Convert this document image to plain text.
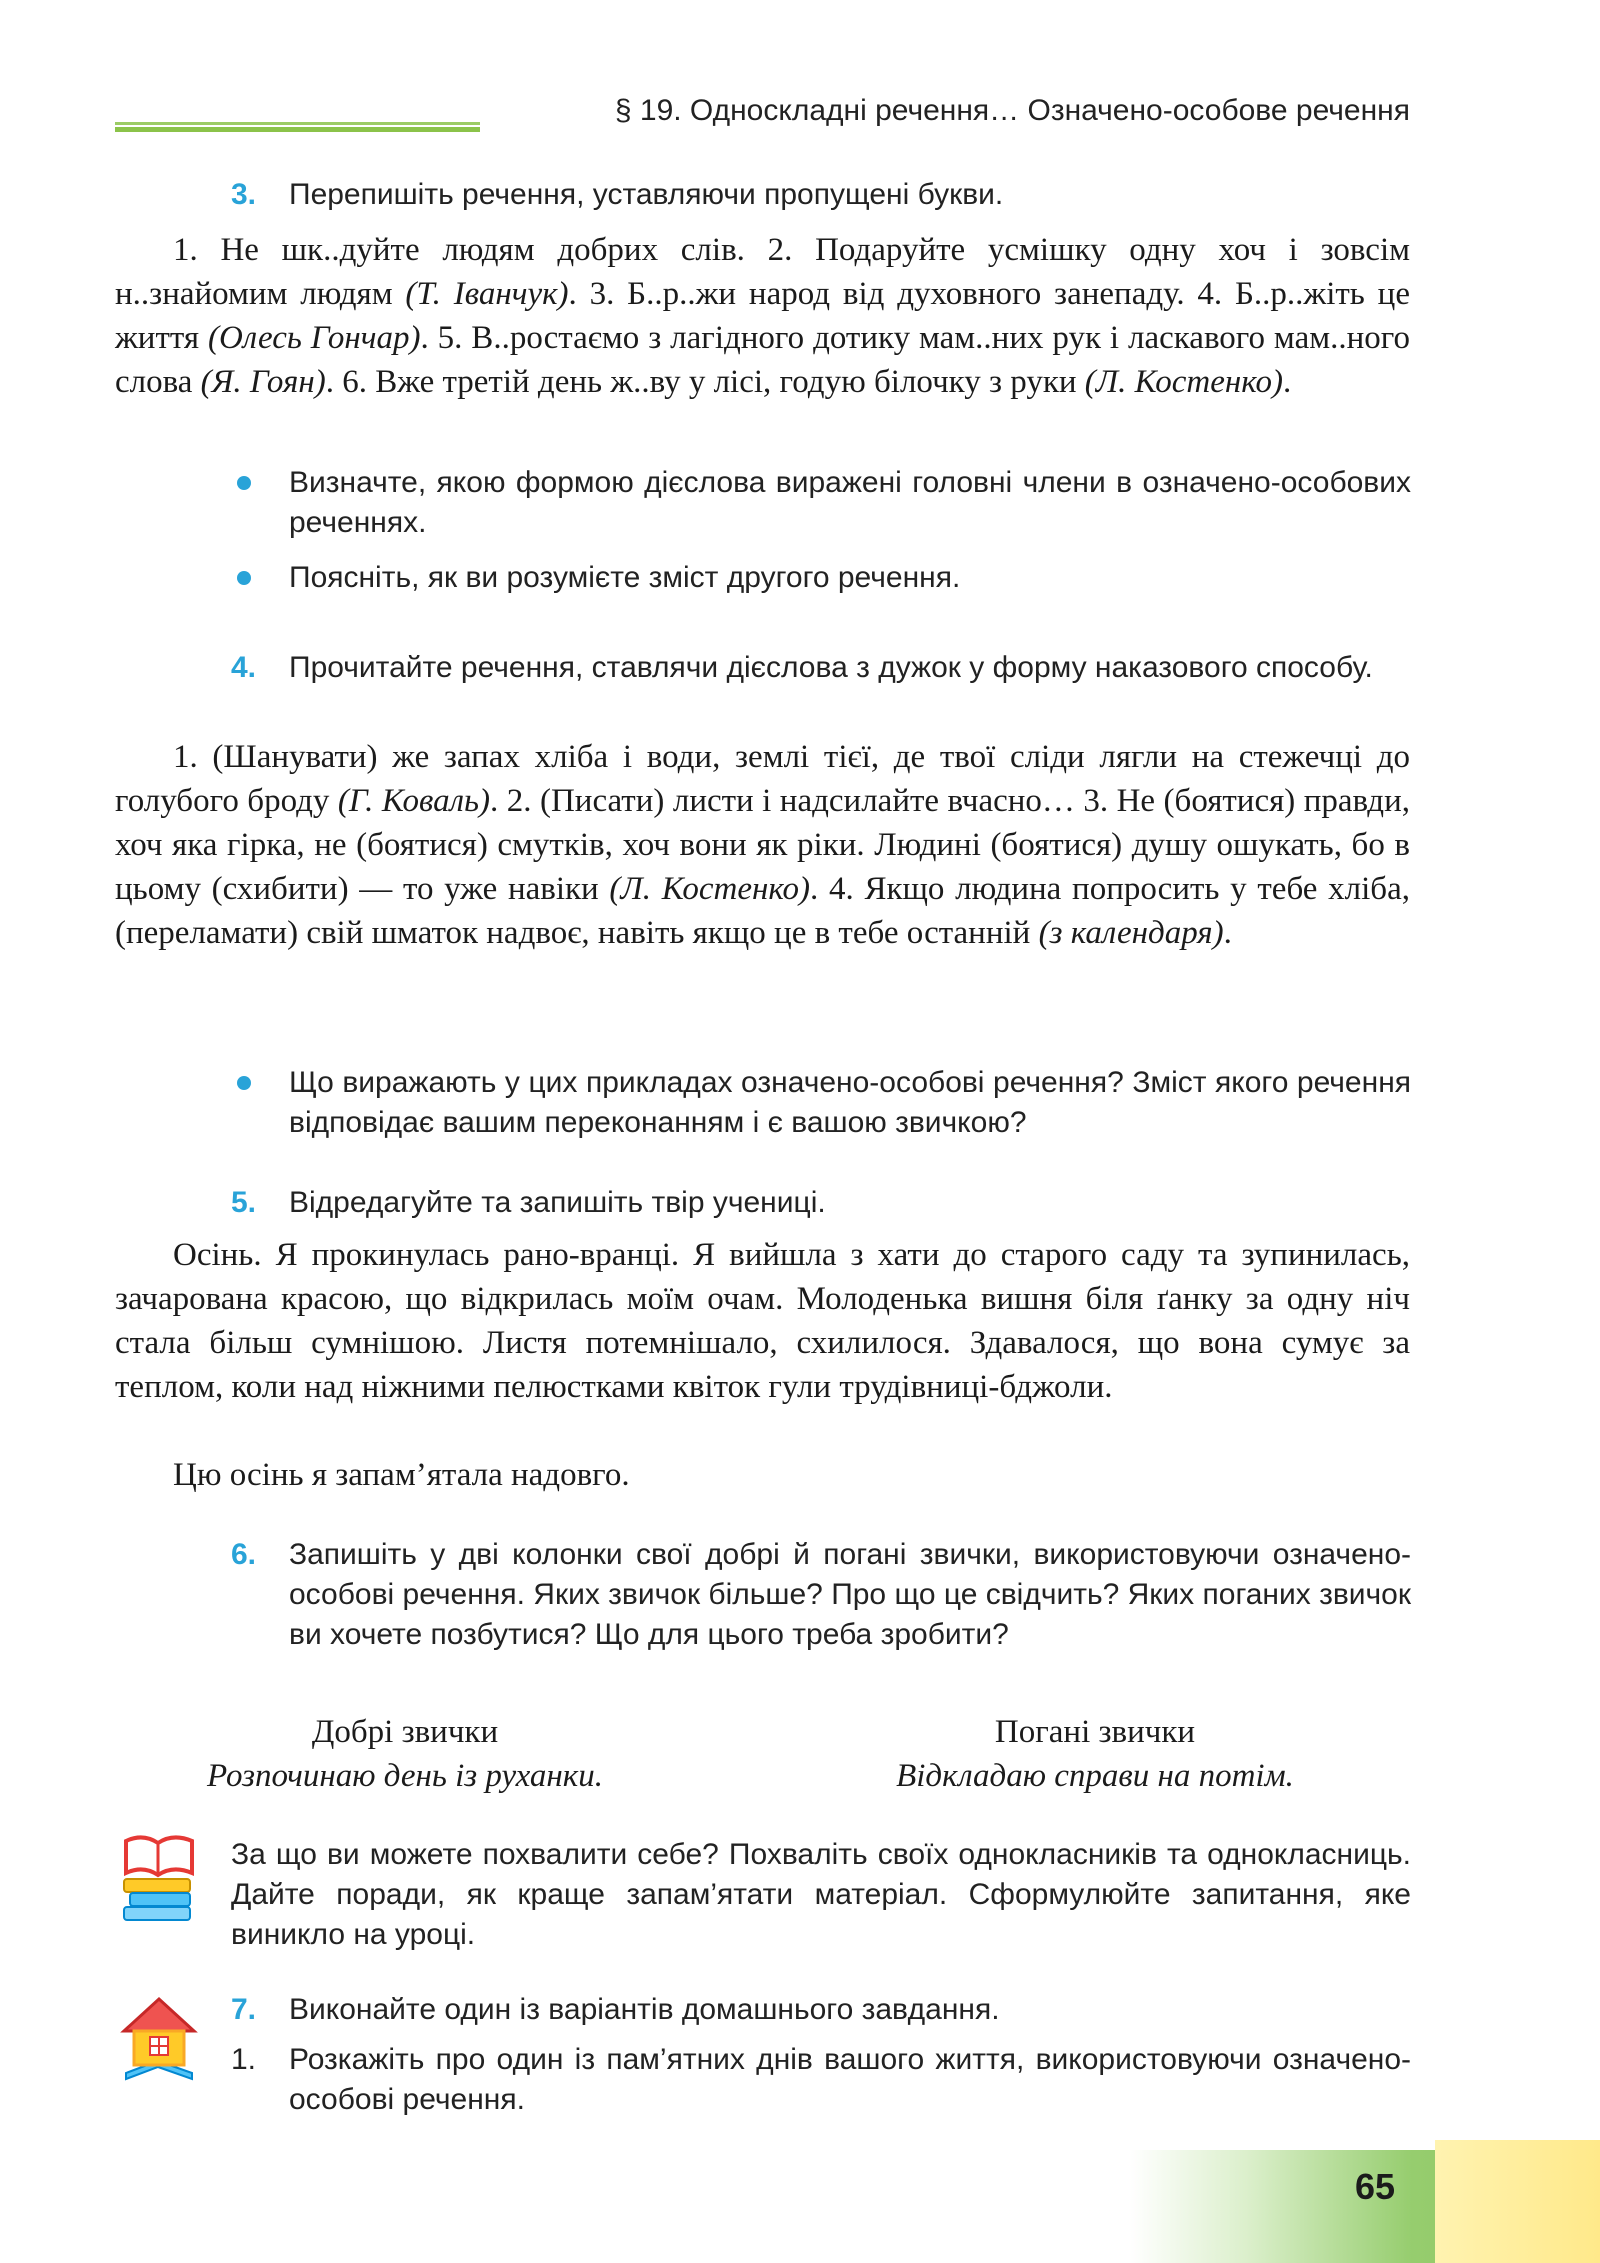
§ 19. Односкладні речення… Означено-особове речення
3. Перепишіть речення, уставляючи пропущені букви.
1. Не шк..дуйте людям добрих слів. 2. Подаруйте усмішку одну хоч і зовсім н..знайомим людям (Т. Іванчук). 3. Б..р..жи народ від духовного занепаду. 4. Б..р..жіть це життя (Олесь Гончар). 5. В..ростаємо з лагідного дотику мам..них рук і ласкавого мам..ного слова (Я. Гоян). 6. Вже третій день ж..ву у лісі, годую білочку з руки (Л. Костенко).
Визначте, якою формою дієслова виражені головні члени в означено-особових реченнях.
Поясніть, як ви розумієте зміст другого речення.
4. Прочитайте речення, ставлячи дієслова з дужок у форму наказового способу.
1. (Шанувати) же запах хліба і води, землі тієї, де твої сліди лягли на стежечці до голубого броду (Г. Коваль). 2. (Писати) листи і надсилайте вчасно… 3. Не (боятися) правди, хоч яка гірка, не (боятися) смутків, хоч вони як ріки. Людині (боятися) душу ошукать, бо в цьому (схибити) — то уже навіки (Л. Костенко). 4. Якщо людина попросить у тебе хліба, (переламати) свій шматок надвоє, навіть якщо це в тебе останній (з календаря).
Що виражають у цих прикладах означено-особові речення? Зміст якого речення відповідає вашим переконанням і є вашою звичкою?
5. Відредагуйте та запишіть твір учениці.
Осінь. Я прокинулась рано-вранці. Я вийшла з хати до старого саду та зупинилась, зачарована красою, що відкрилась моїм очам. Молоденька вишня біля ґанку за одну ніч стала більш сумнішою. Листя потемнішало, схилилося. Здавалося, що вона сумує за теплом, коли над ніжними пелюстками квіток гули трудівниці-бджоли.
Цю осінь я запам’ятала надовго.
6. Запишіть у дві колонки свої добрі й погані звички, використовуючи означено-особові речення. Яких звичок більше? Про що це свідчить? Яких поганих звичок ви хочете позбутися? Що для цього треба зробити?
Добрі звички
Розпочинаю день із руханки.
Погані звички
Відкладаю справи на потім.
За що ви можете похвалити себе? Похваліть своїх однокласників та однокласниць. Дайте поради, як краще запам’ятати матеріал. Сформулюйте запитання, яке виникло на уроці.
7. Виконайте один із варіантів домашнього завдання.
1. Розкажіть про один із пам’ятних днів вашого життя, використовуючи означено-особові речення.
65
